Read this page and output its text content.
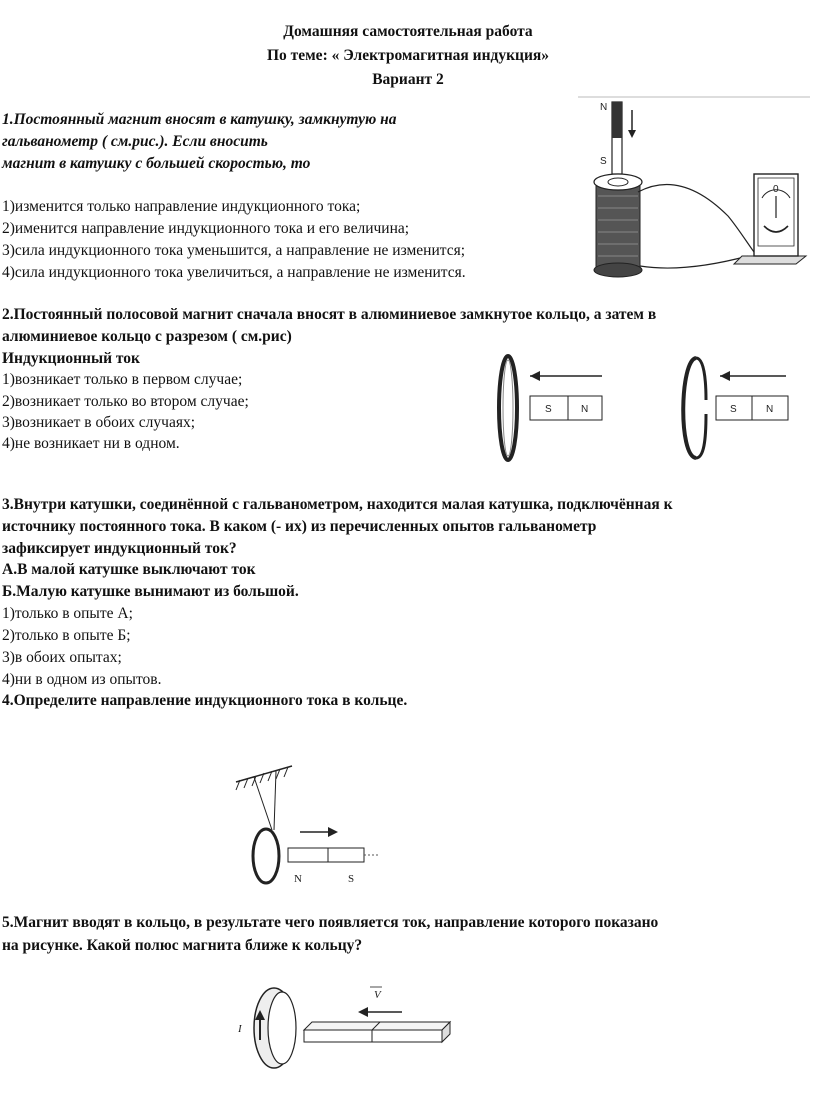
Домашняя самостоятельная работа
По теме: « Электромагитная индукция»
Вариант 2
1.Постоянный магнит вносят в катушку, замкнутую на
гальванометр ( см.рис.). Если вносить
магнит в катушку с большей скоростью, то
1)изменится только направление индукционного тока;
2)именится направление индукционного тока и его величина;
3)сила индукционного тока уменьшится, а направление не изменится;
4)сила индукционного тока увеличиться, а направление не изменится.
N
S
0
2.Постоянный полосовой магнит сначала вносят в алюминиевое замкнутое кольцо, а затем в
алюминиевое кольцо с разрезом ( см.рис)
Индукционный ток
1)возникает только в первом случае;
2)возникает только во втором случае;
3)возникает в обоих случаях;
4)не возникает ни в одном.
S	N	S	N
3.Внутри катушки, соединённой с гальванометром, находится малая катушка, подключённая к
источнику постоянного тока. В каком (- их) из перечисленных опытов гальванометр
зафиксирует индукционный ток?
А.В малой катушке выключают ток
Б.Малую катушке вынимают из большой.
1)только в опыте А;
2)только в опыте Б;
3)в обоих опытах;
4)ни в одном из опытов.
4.Определите направление индукционного тока в кольце.
N	S
5.Магнит вводят в кольцо, в результате чего появляется ток, направление которого показано
на рисунке. Какой полюс магнита ближе к кольцу?
I
V
